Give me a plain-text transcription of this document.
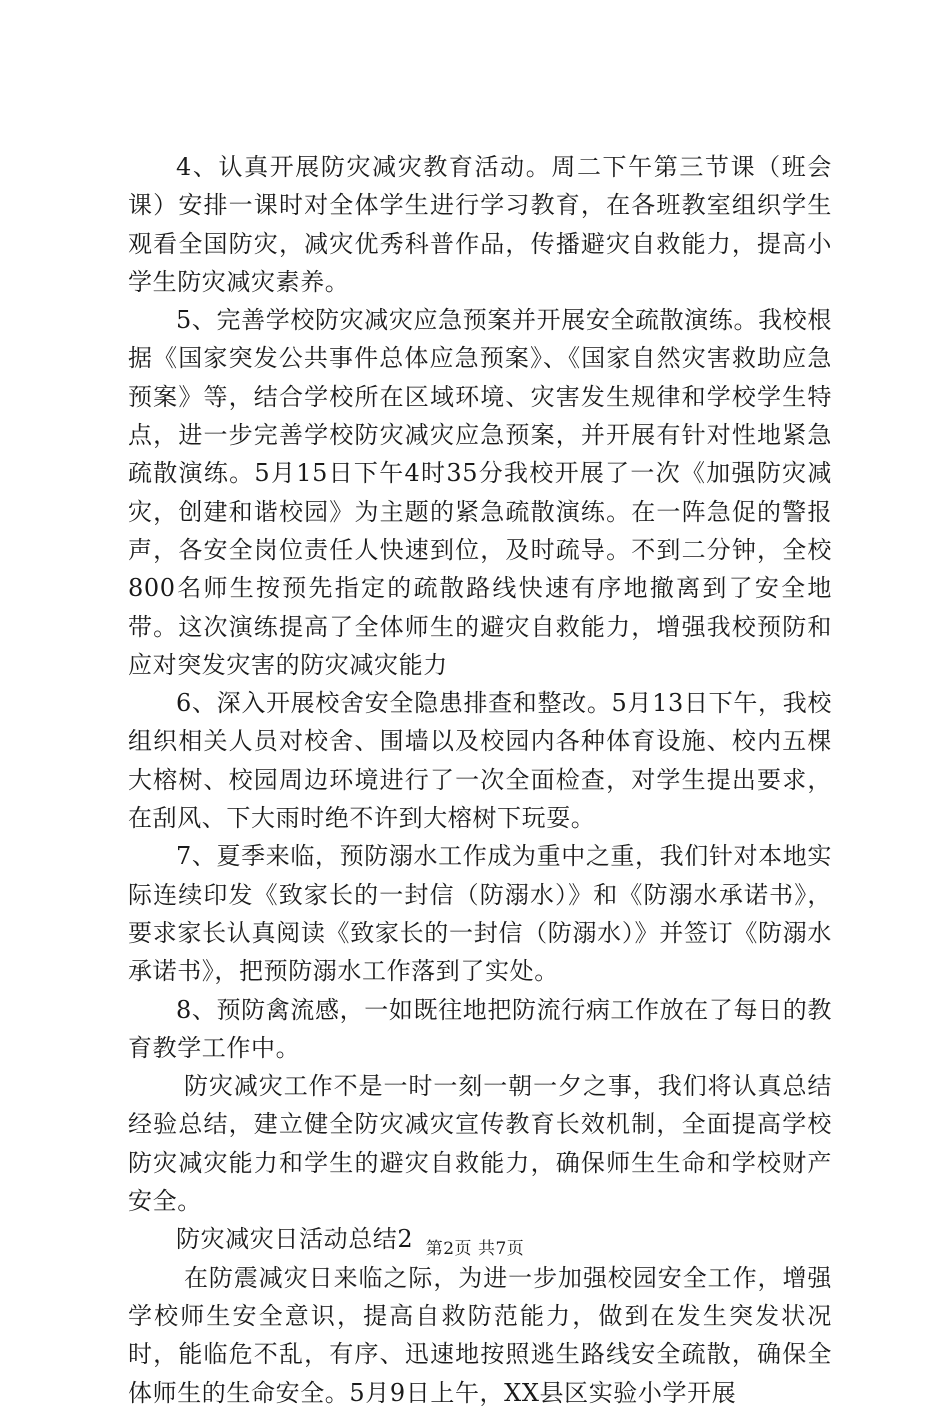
4、认真开展防灾减灾教育活动。周二下午第三节课（班会课）安排一课时对全体学生进行学习教育，在各班教室组织学生观看全国防灾，减灾优秀科普作品，传播避灾自救能力，提高小学生防灾减灾素养。

5、完善学校防灾减灾应急预案并开展安全疏散演练。我校根据《国家突发公共事件总体应急预案》、《国家自然灾害救助应急预案》等，结合学校所在区域环境、灾害发生规律和学校学生特点，进一步完善学校防灾减灾应急预案，并开展有针对性地紧急疏散演练。5月15日下午4时35分我校开展了一次《加强防灾减灾，创建和谐校园》为主题的紧急疏散演练。在一阵急促的警报声，各安全岗位责任人快速到位，及时疏导。不到二分钟，全校800名师生按预先指定的疏散路线快速有序地撤离到了安全地带。这次演练提高了全体师生的避灾自救能力，增强我校预防和应对突发灾害的防灾减灾能力

6、深入开展校舍安全隐患排查和整改。5月13日下午，我校组织相关人员对校舍、围墙以及校园内各种体育设施、校内五棵大榕树、校园周边环境进行了一次全面检查，对学生提出要求，在刮风、下大雨时绝不许到大榕树下玩耍。

7、夏季来临，预防溺水工作成为重中之重，我们针对本地实际连续印发《致家长的一封信（防溺水）》和《防溺水承诺书》，要求家长认真阅读《致家长的一封信（防溺水）》并签订《防溺水承诺书》，把预防溺水工作落到了实处。

8、预防禽流感，一如既往地把防流行病工作放在了每日的教育教学工作中。

防灾减灾工作不是一时一刻一朝一夕之事，我们将认真总结经验总结，建立健全防灾减灾宣传教育长效机制，全面提高学校防灾减灾能力和学生的避灾自救能力，确保师生生命和学校财产安全。

防灾减灾日活动总结2

在防震减灾日来临之际，为进一步加强校园安全工作，增强学校师生安全意识，提高自救防范能力，做到在发生突发状况时，能临危不乱，有序、迅速地按照逃生路线安全疏散，确保全体师生的生命安全。5月9日上午，XX县区实验小学开展

第2页 共7页
